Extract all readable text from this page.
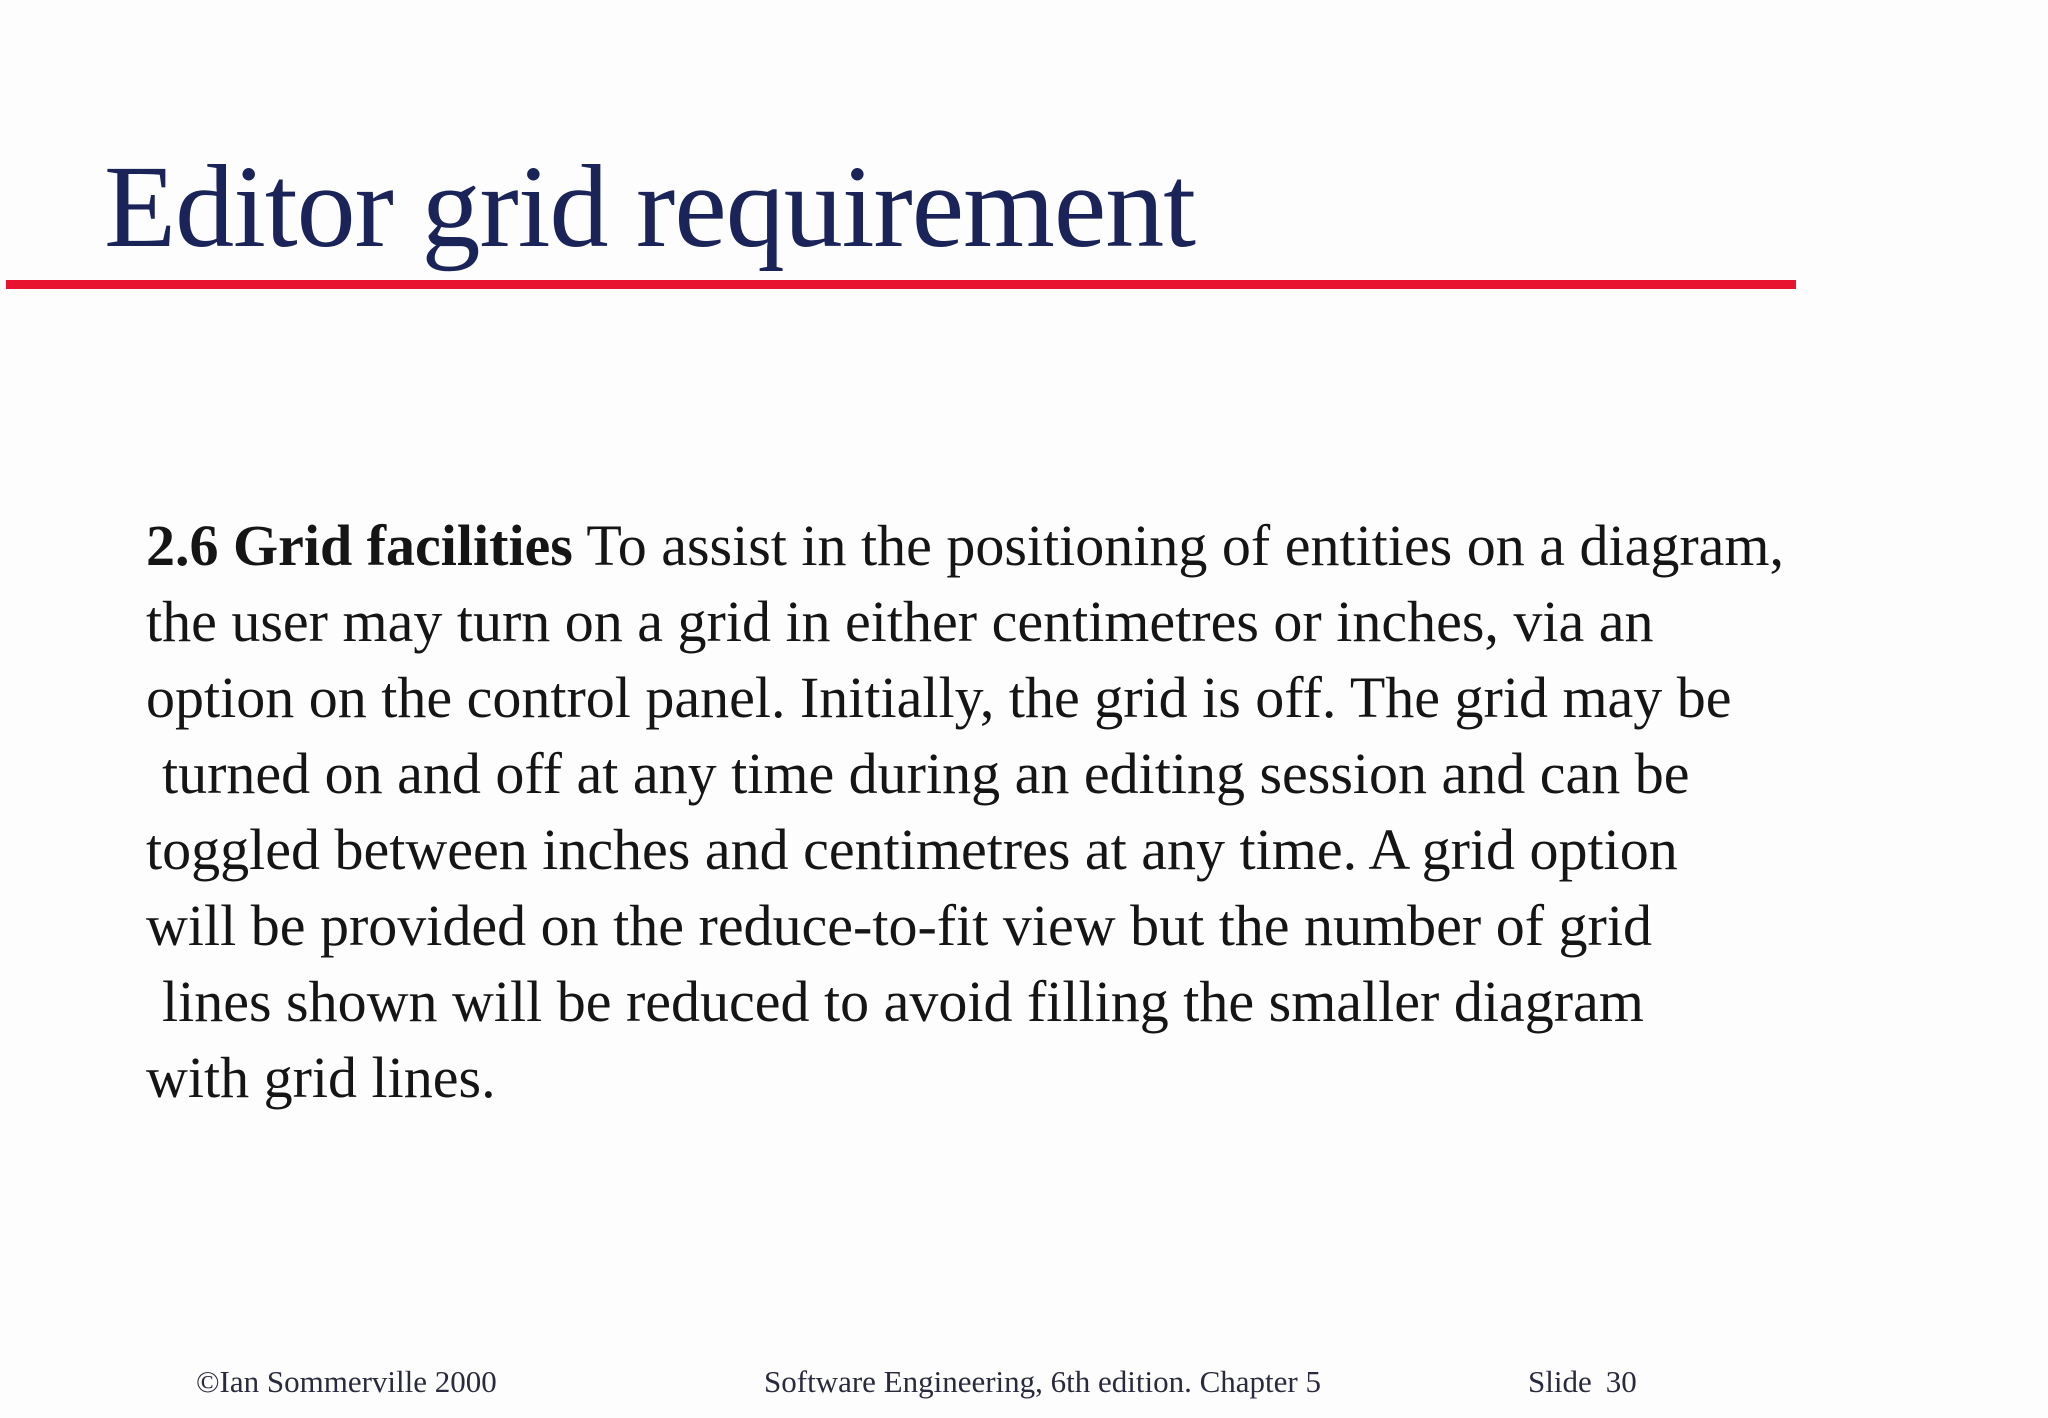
Editor grid requirement
2.6 Grid facilities To assist in the positioning of entities on a diagram,
the user may turn on a grid in either centimetres or inches, via an
option on the control panel. Initially, the grid is off. The grid may be
turned on and off at any time during an editing session and can be
toggled between inches and centimetres at any time. A grid option
will be provided on the reduce-to-fit view but the number of grid
lines shown will be reduced to avoid filling the smaller diagram
with grid lines.
©Ian Sommerville 2000	Software Engineering, 6th edition. Chapter 5	Slide 30
